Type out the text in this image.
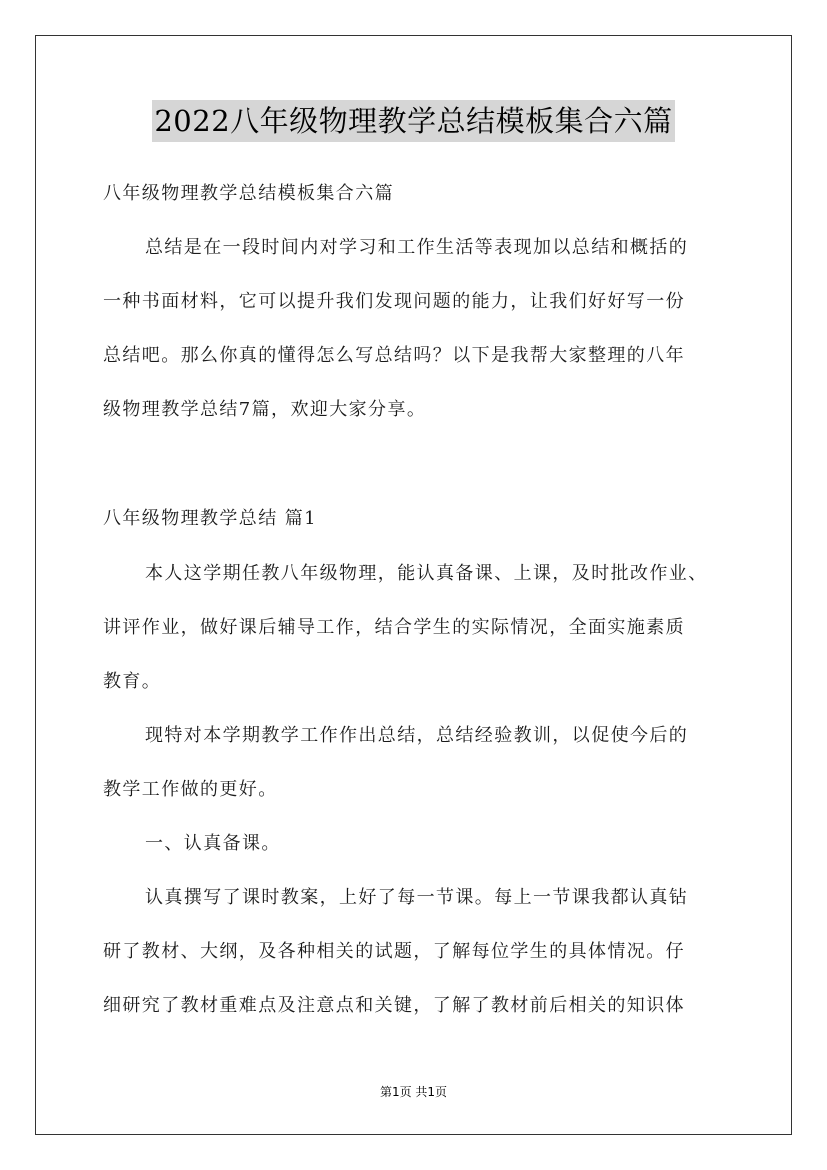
2022八年级物理教学总结模板集合六篇
八年级物理教学总结模板集合六篇
总结是在一段时间内对学习和工作生活等表现加以总结和概括的
一种书面材料，它可以提升我们发现问题的能力，让我们好好写一份
总结吧。那么你真的懂得怎么写总结吗？以下是我帮大家整理的八年
级物理教学总结7篇，欢迎大家分享。
八年级物理教学总结 篇1
本人这学期任教八年级物理，能认真备课、上课，及时批改作业、
讲评作业，做好课后辅导工作，结合学生的实际情况，全面实施素质
教育。
现特对本学期教学工作作出总结，总结经验教训，以促使今后的
教学工作做的更好。
一、认真备课。
认真撰写了课时教案，上好了每一节课。每上一节课我都认真钻
研了教材、大纲，及各种相关的试题，了解每位学生的具体情况。仔
细研究了教材重难点及注意点和关键，了解了教材前后相关的知识体
第1页 共1页
